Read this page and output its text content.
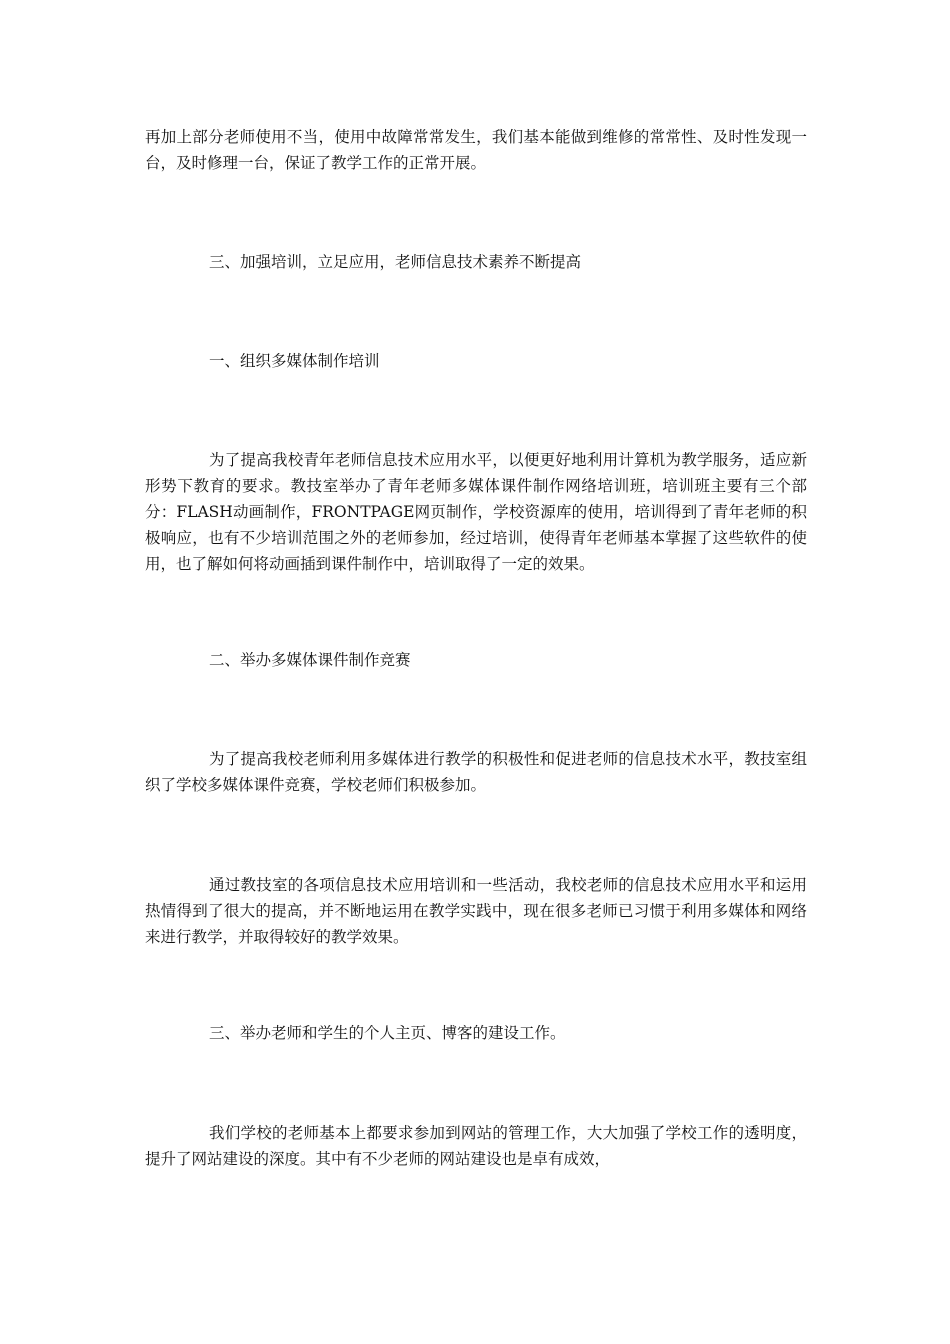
再加上部分老师使用不当，使用中故障常常发生，我们基本能做到维修的常常性、及时性发现一台，及时修理一台，保证了教学工作的正常开展。

三、加强培训，立足应用，老师信息技术素养不断提高

一、组织多媒体制作培训

为了提高我校青年老师信息技术应用水平，以便更好地利用计算机为教学服务，适应新形势下教育的要求。教技室举办了青年老师多媒体课件制作网络培训班，培训班主要有三个部分：FLASH动画制作，FRONTPAGE网页制作，学校资源库的使用，培训得到了青年老师的积极响应，也有不少培训范围之外的老师参加，经过培训，使得青年老师基本掌握了这些软件的使用，也了解如何将动画插到课件制作中，培训取得了一定的效果。

二、举办多媒体课件制作竞赛

为了提高我校老师利用多媒体进行教学的积极性和促进老师的信息技术水平，教技室组织了学校多媒体课件竞赛，学校老师们积极参加。

通过教技室的各项信息技术应用培训和一些活动，我校老师的信息技术应用水平和运用热情得到了很大的提高，并不断地运用在教学实践中，现在很多老师已习惯于利用多媒体和网络来进行教学，并取得较好的教学效果。

三、举办老师和学生的个人主页、博客的建设工作。

我们学校的老师基本上都要求参加到网站的管理工作，大大加强了学校工作的透明度，提升了网站建设的深度。其中有不少老师的网站建设也是卓有成效，
